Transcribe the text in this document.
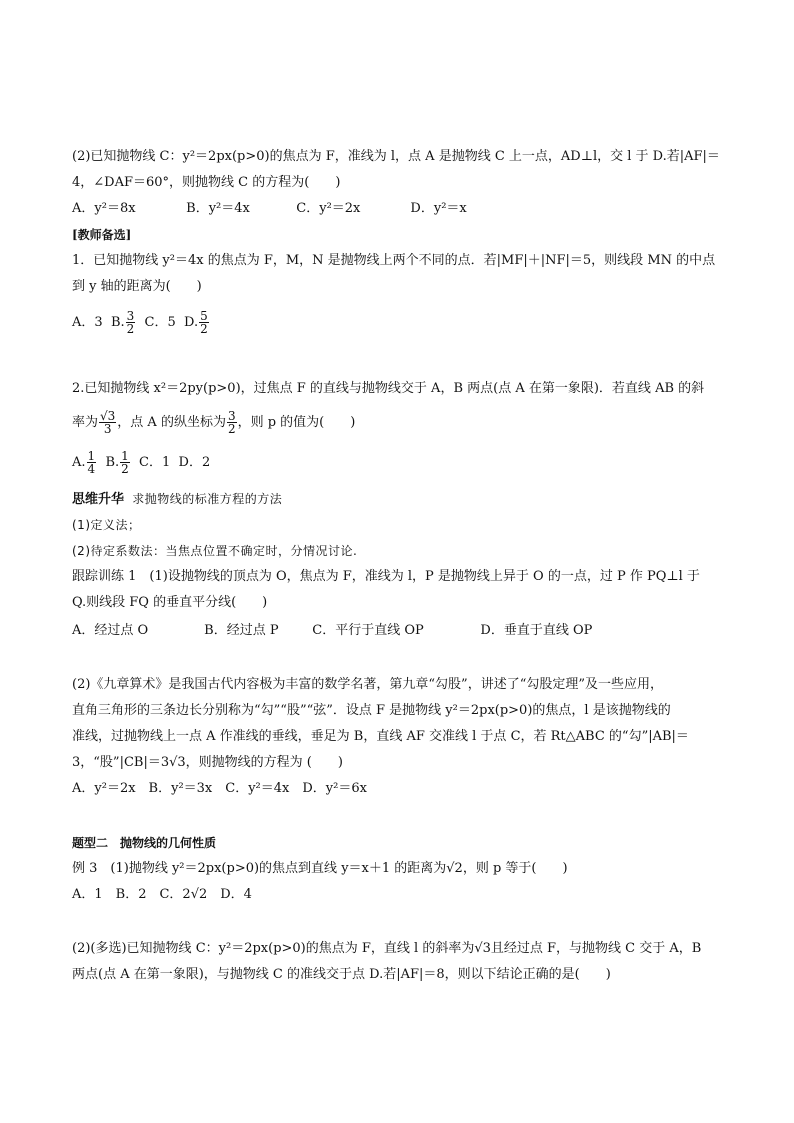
(2)已知抛物线 C：y²＝2px(p>0)的焦点为 F，准线为 l，点 A 是抛物线 C 上一点，AD⊥l，交 l 于 D.若|AF|＝
4，∠DAF＝60°，则抛物线 C 的方程为(　　)
A．y²＝8x	B．y²＝4x	C．y²＝2x	D．y²＝x
[教师备选]
1．已知抛物线 y²＝4x 的焦点为 F，M，N 是抛物线上两个不同的点．若|MF|＋|NF|＝5，则线段 MN 的中点
到 y 轴的距离为(　　)
A．3 B. $\frac{3}{2}$ C．5 D. $\frac{5}{2}$
2.已知抛物线 x²＝2py(p>0)，过焦点 F 的直线与抛物线交于 A，B 两点(点 A 在第一象限)．若直线 AB 的斜
率为 $\frac{√3}{3}$ ，点 A 的纵坐标为 $\frac{3}{2}$ ，则 p 的值为(　　)
A. $\frac{1}{4} B$. $\frac{1}{2}$ C．1 D．2
思维升华 求抛物线的标准方程的方法
(1)定义法；
(2)待定系数法：当焦点位置不确定时，分情况讨论.
跟踪训练 1　(1)设抛物线的顶点为 O，焦点为 F，准线为 l，P 是抛物线上异于 O 的一点，过 P 作 PQ⊥l 于
Q.则线段 FQ 的垂直平分线(　　)
A．经过点 O	B．经过点 P	C．平行于直线 OP	D．垂直于直线 OP
(2)《九章算术》是我国古代内容极为丰富的数学名著，第九章“勾股”，讲述了“勾股定理”及一些应用，
直角三角形的三条边长分别称为“勾”“股”“弦”．设点 F 是抛物线 y²＝2px(p>0)的焦点，l 是该抛物线的
准线，过抛物线上一点 A 作准线的垂线，垂足为 B，直线 AF 交准线 l 于点 C，若 Rt△ABC 的“勾”|AB|＝
3，“股”|CB|＝3√3，则抛物线的方程为 (　　)
A．y²＝2x　B．y²＝3x　C．y²＝4x　D．y²＝6x
题型二　抛物线的几何性质
例 3　(1)抛物线 y²＝2px(p>0)的焦点到直线 y＝x＋1 的距离为√2，则 p 等于(　　)
A．1　B．2　C．2√2　D．4
(2)(多选)已知抛物线 C：y²＝2px(p>0)的焦点为 F，直线 l 的斜率为√3且经过点 F，与抛物线 C 交于 A，B
两点(点 A 在第一象限)，与抛物线 C 的准线交于点 D.若|AF|＝8，则以下结论正确的是(　　)
